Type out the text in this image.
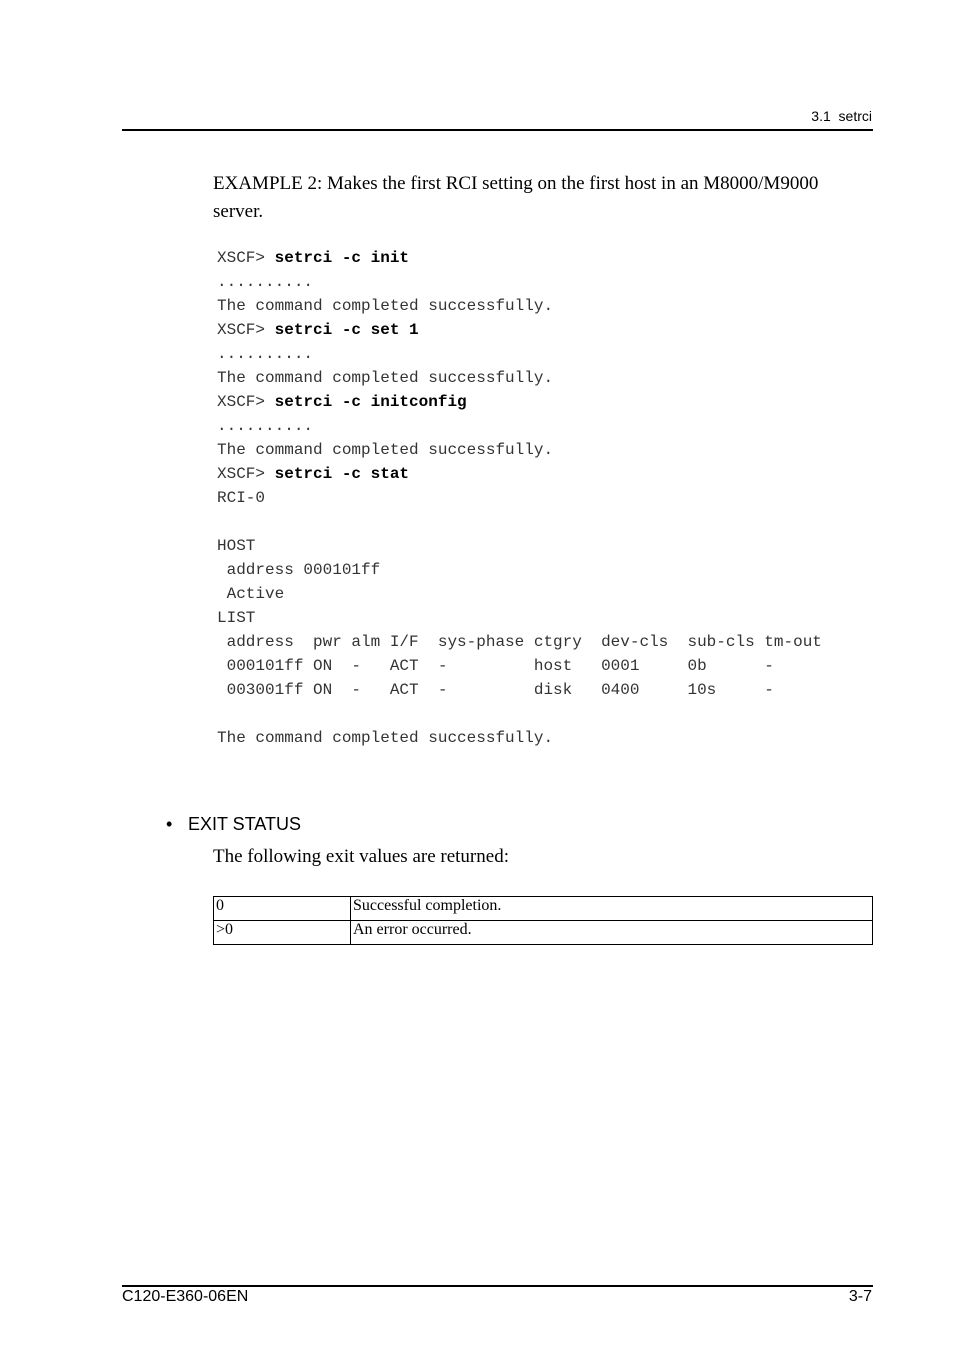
3.1  setrci
EXAMPLE 2: Makes the first RCI setting on the first host in an M8000/M9000 server.
XSCF> setrci -c init
..........
The command completed successfully.
XSCF> setrci -c set 1
..........
The command completed successfully.
XSCF> setrci -c initconfig
..........
The command completed successfully.
XSCF> setrci -c stat
RCI-0
HOST
address 000101ff
Active
LIST
address  pwr alm I/F  sys-phase ctgry  dev-cls  sub-cls tm-out
000101ff ON  -   ACT  -         host   0001     0b      -
003001ff ON  -   ACT  -         disk   0400     10s     -
The command completed successfully.
• EXIT STATUS
The following exit values are returned:
0	Successful completion.
>0	An error occurred.
C120-E360-06EN	3-7
